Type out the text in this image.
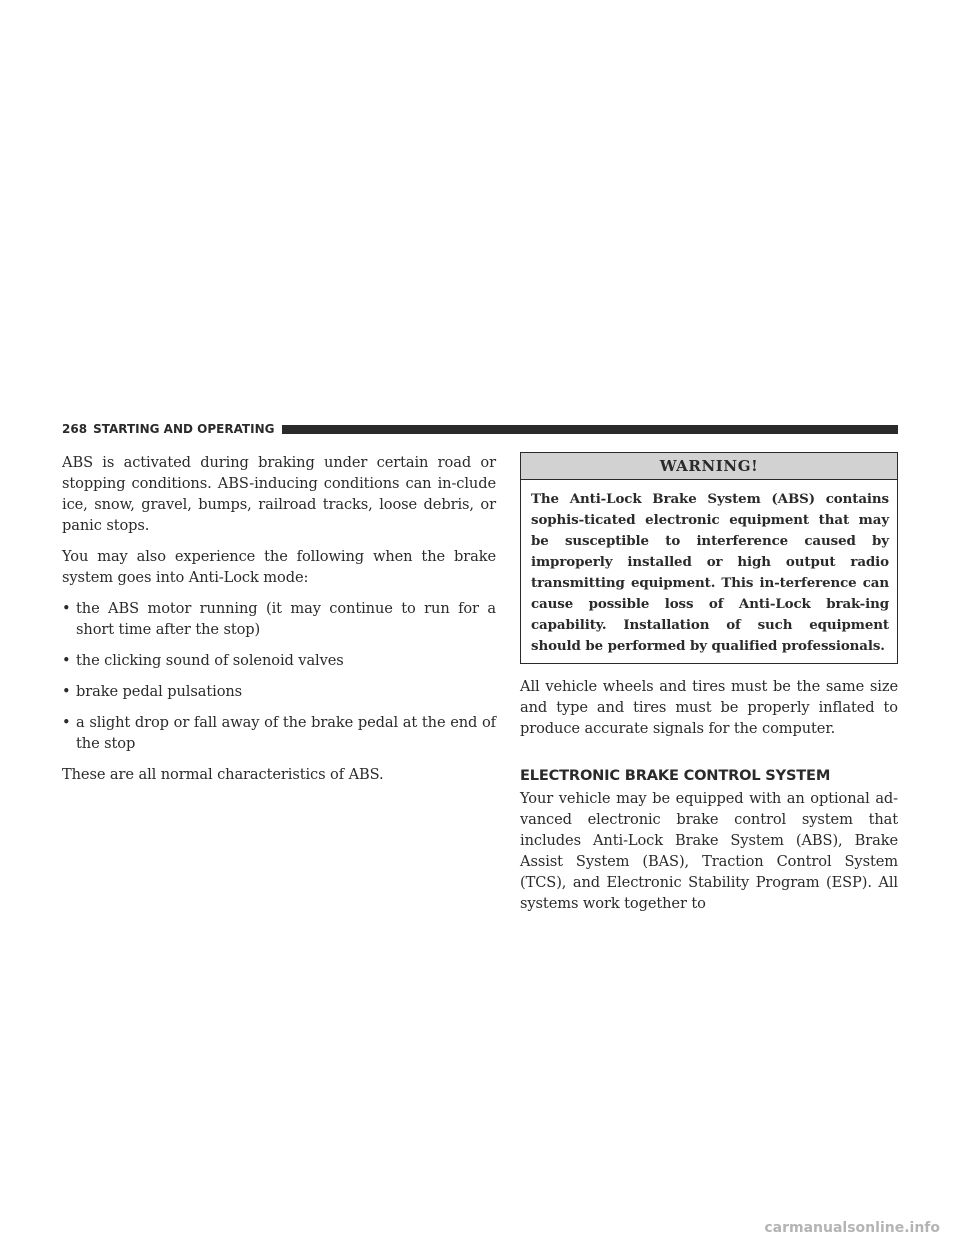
268 STARTING AND OPERATING

ABS is activated during braking under certain road or stopping conditions. ABS-inducing conditions can in-clude ice, snow, gravel, bumps, railroad tracks, loose debris, or panic stops.

You may also experience the following when the brake system goes into Anti-Lock mode:

• the ABS motor running (it may continue to run for a short time after the stop)
• the clicking sound of solenoid valves
• brake pedal pulsations
• a slight drop or fall away of the brake pedal at the end of the stop

These are all normal characteristics of ABS.

WARNING!
The Anti-Lock Brake System (ABS) contains sophis-ticated electronic equipment that may be susceptible to interference caused by improperly installed or high output radio transmitting equipment. This in-terference can cause possible loss of Anti-Lock brak-ing capability. Installation of such equipment should be performed by qualified professionals.

All vehicle wheels and tires must be the same size and type and tires must be properly inflated to produce accurate signals for the computer.

ELECTRONIC BRAKE CONTROL SYSTEM

Your vehicle may be equipped with an optional ad-vanced electronic brake control system that includes Anti-Lock Brake System (ABS), Brake Assist System (BAS), Traction Control System (TCS), and Electronic Stability Program (ESP). All systems work together to

carmanualsonline.info
